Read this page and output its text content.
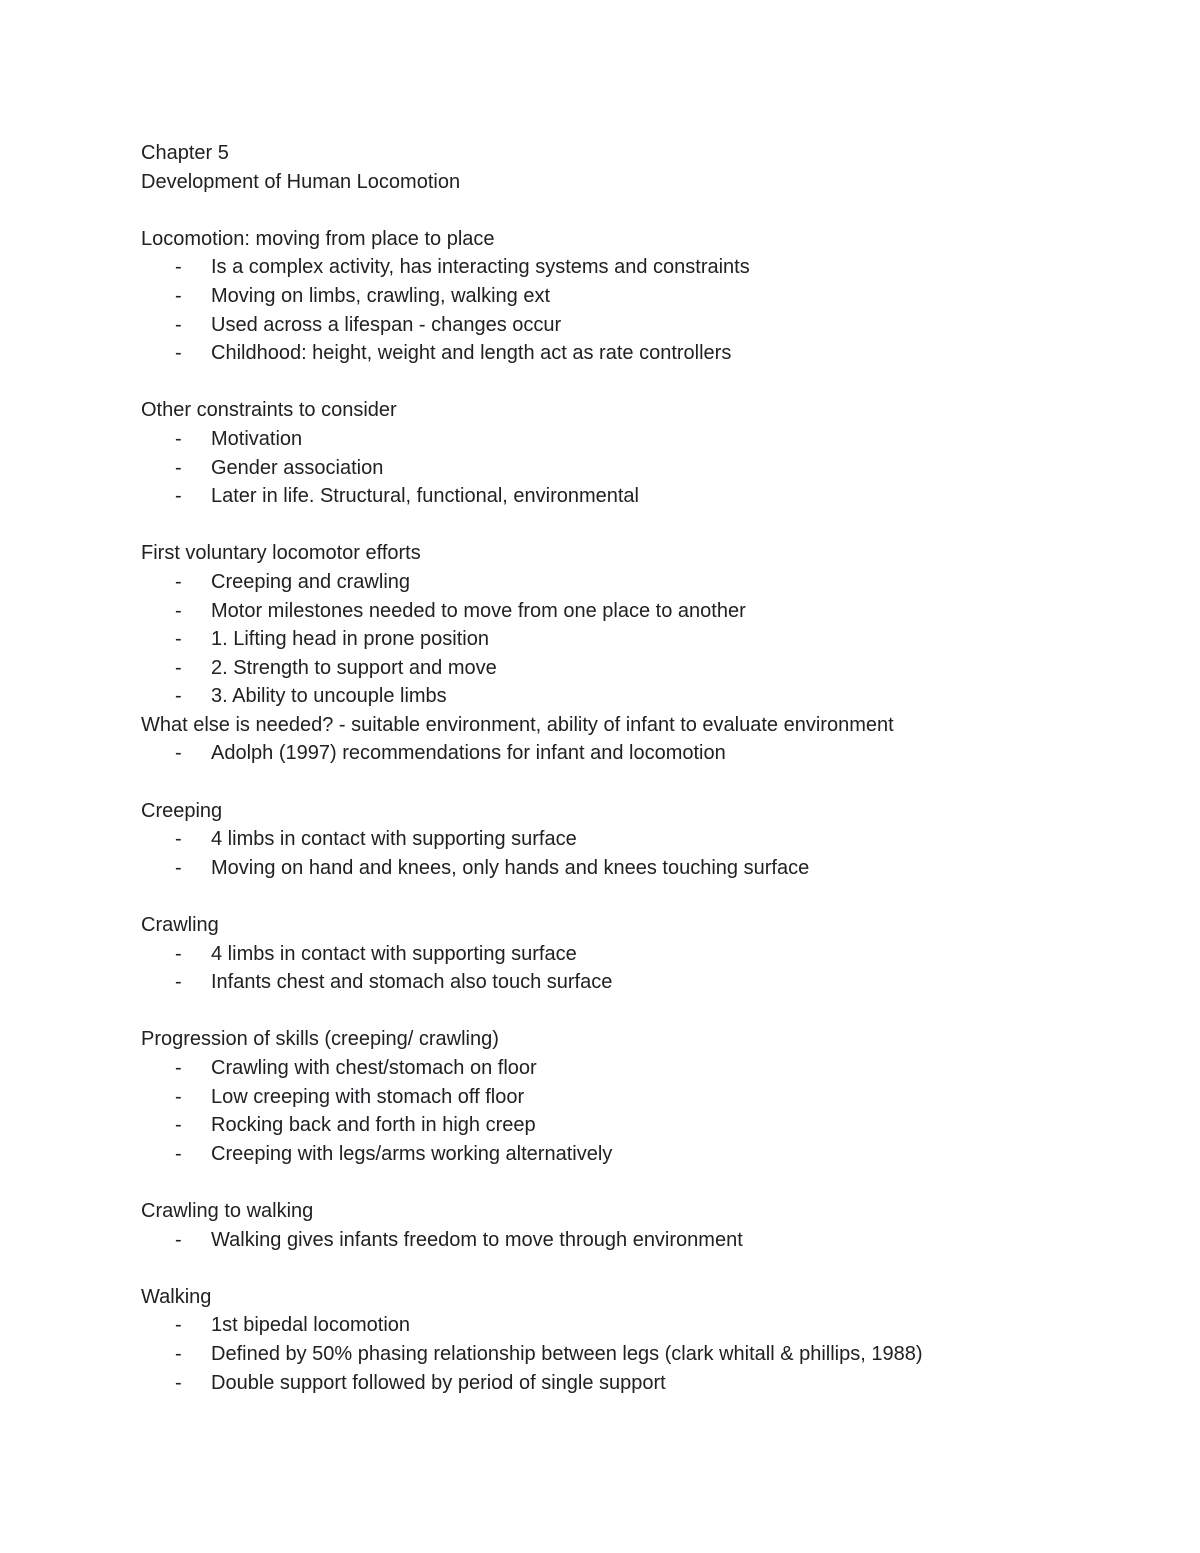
Chapter 5
Development of Human Locomotion
Locomotion: moving from place to place
- Is a complex activity, has interacting systems and constraints
- Moving on limbs, crawling, walking ext
- Used across a lifespan - changes occur
- Childhood: height, weight and length act as rate controllers
Other constraints to consider
- Motivation
- Gender association
- Later in life. Structural, functional, environmental
First voluntary locomotor efforts
- Creeping and crawling
- Motor milestones needed to move from one place to another
- 1. Lifting head in prone position
- 2. Strength to support and move
- 3. Ability to uncouple limbs
What else is needed? - suitable environment, ability of infant to evaluate environment
- Adolph (1997) recommendations for infant and locomotion
Creeping
- 4 limbs in contact with supporting surface
- Moving on hand and knees, only hands and knees touching surface
Crawling
- 4 limbs in contact with supporting surface
- Infants chest and stomach also touch surface
Progression of skills (creeping/ crawling)
- Crawling with chest/stomach on floor
- Low creeping with stomach off floor
- Rocking back and forth in high creep
- Creeping with legs/arms working alternatively
Crawling to walking
- Walking gives infants freedom to move through environment
Walking
- 1st bipedal locomotion
- Defined by 50% phasing relationship between legs (clark whitall & phillips, 1988)
- Double support followed by period of single support
